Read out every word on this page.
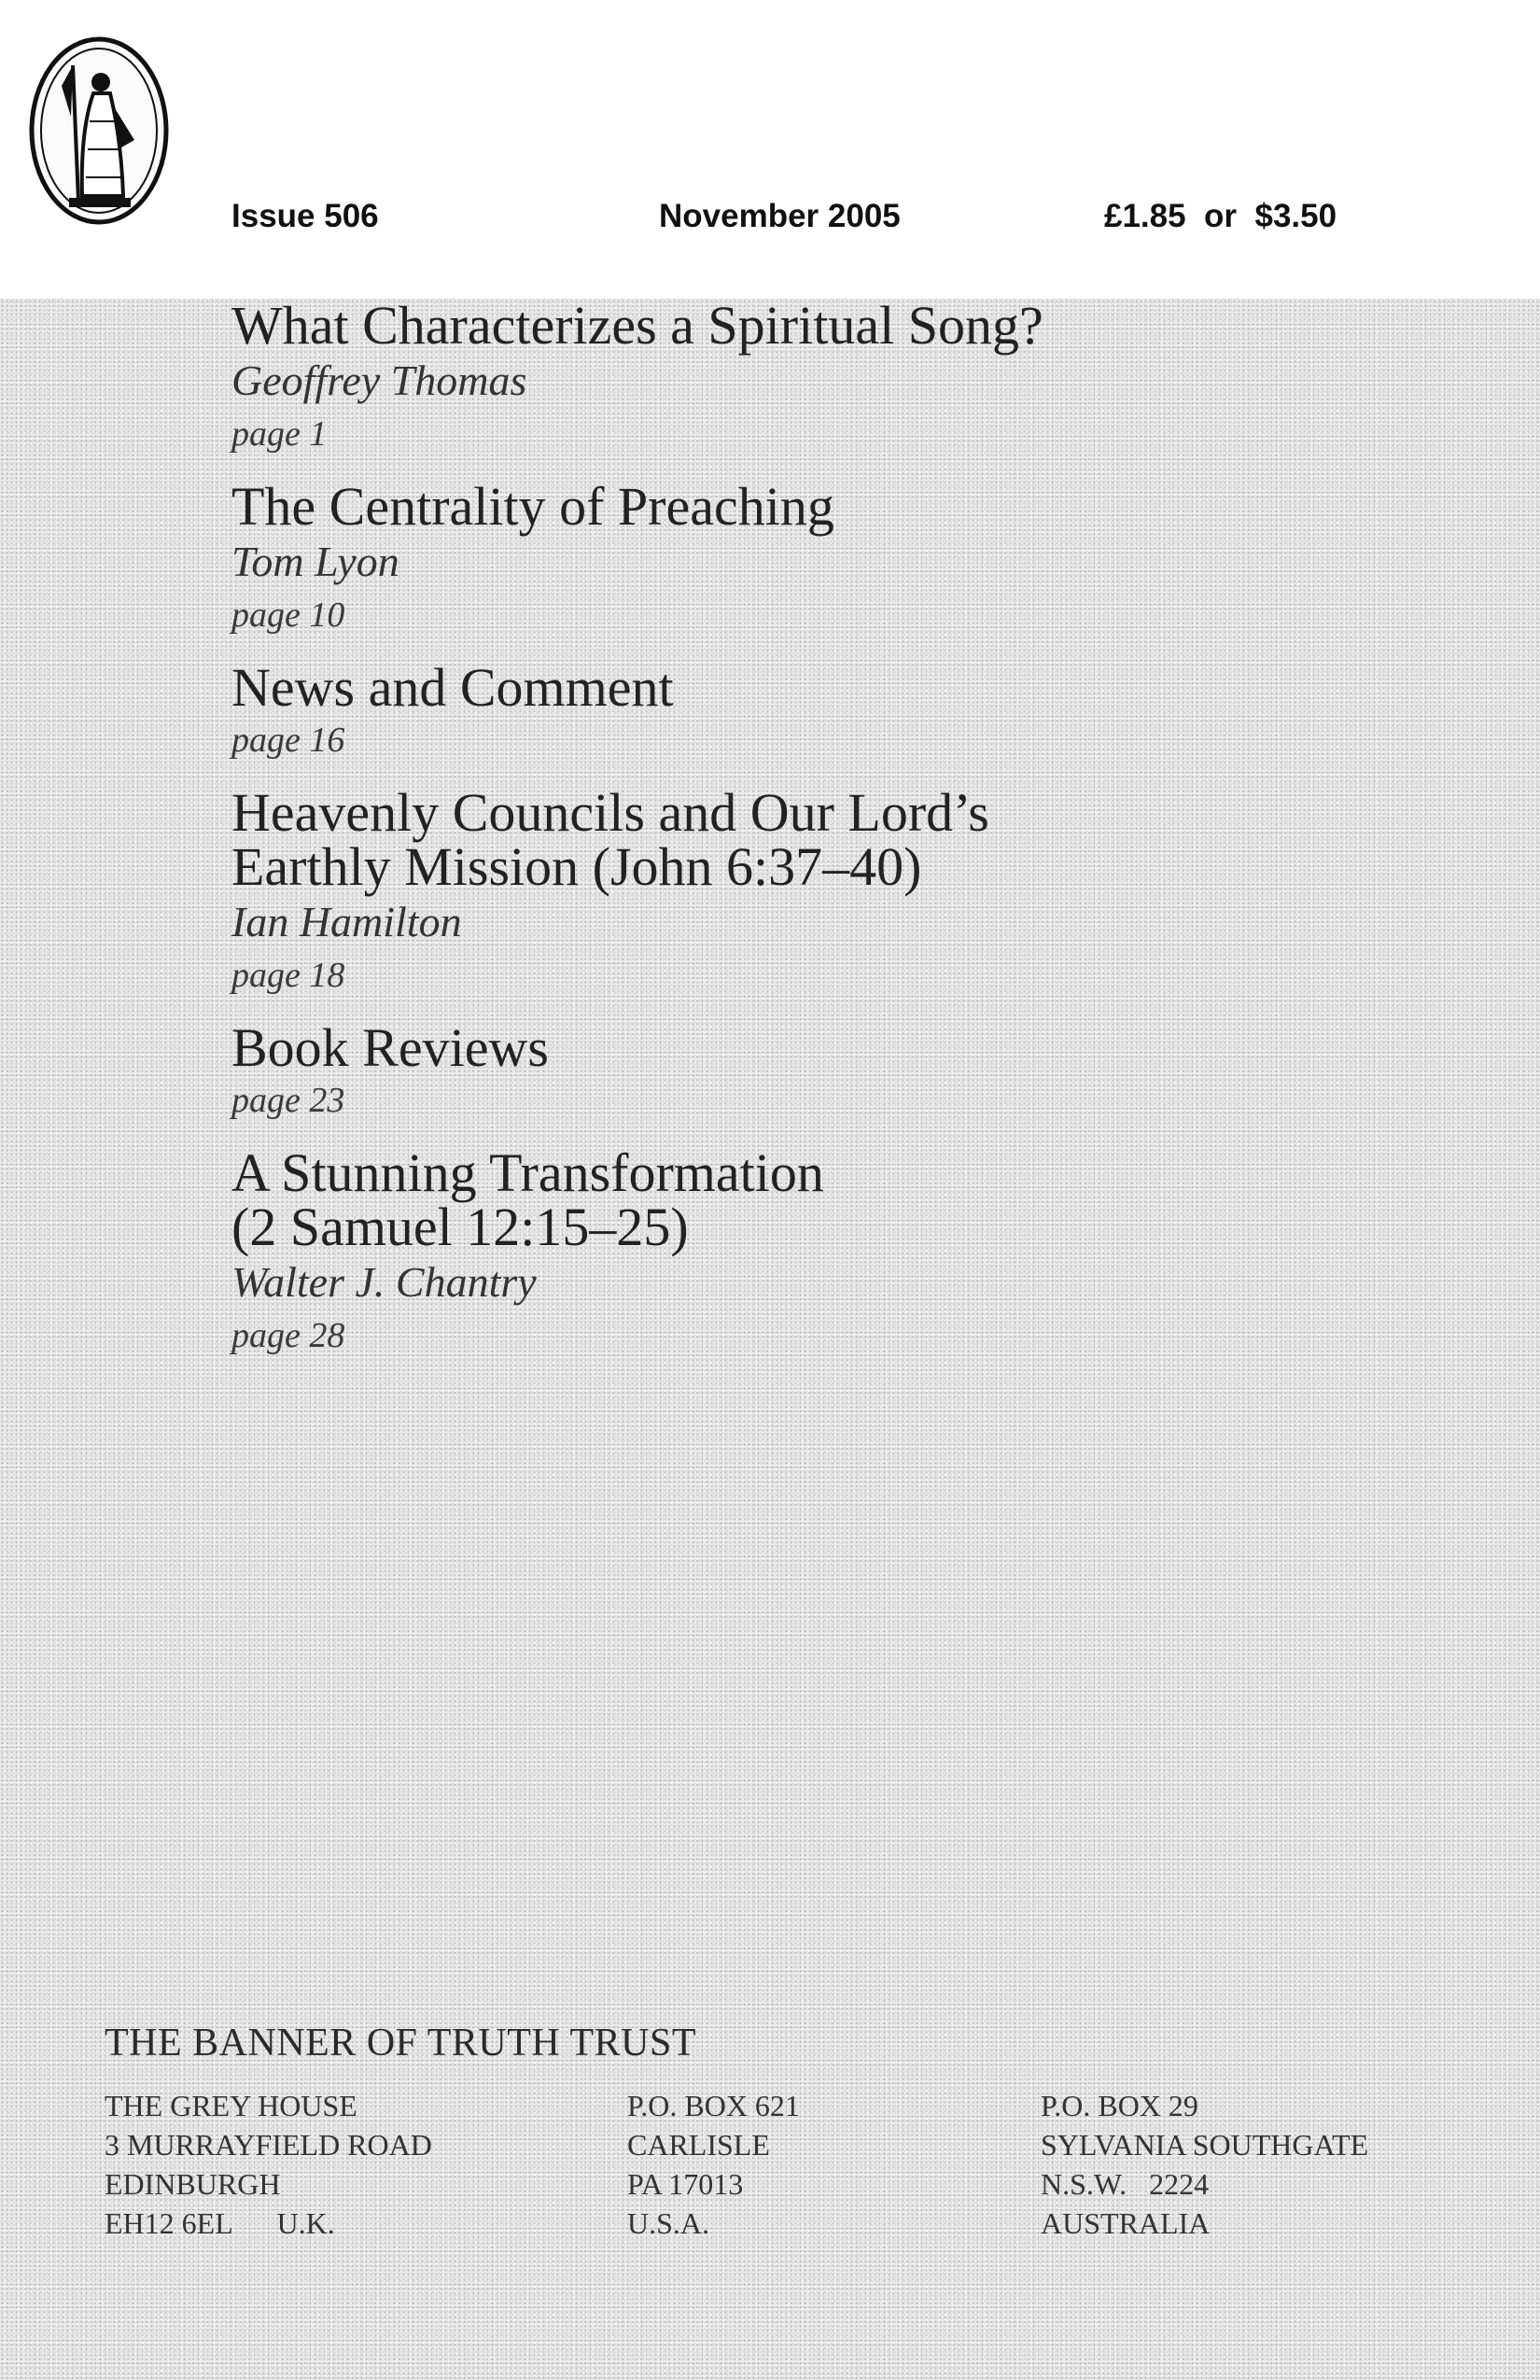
Issue 506	November 2005	£1.85  or  $3.50
What Characterizes a Spiritual Song?
Geoffrey Thomas
page 1
The Centrality of Preaching
Tom Lyon
page 10
News and Comment
page 16
Heavenly Councils and Our Lord’s
Earthly Mission (John 6:37–40)
Ian Hamilton
page 18
Book Reviews
page 23
A Stunning Transformation
(2 Samuel 12:15–25)
Walter J. Chantry
page 28
THE BANNER OF TRUTH TRUST
THE GREY HOUSE
3 MURRAYFIELD ROAD
EDINBURGH
EH12 6EL      U.K.
P.O. BOX 621
CARLISLE
PA 17013
U.S.A.
P.O. BOX 29
SYLVANIA SOUTHGATE
N.S.W.   2224
AUSTRALIA
